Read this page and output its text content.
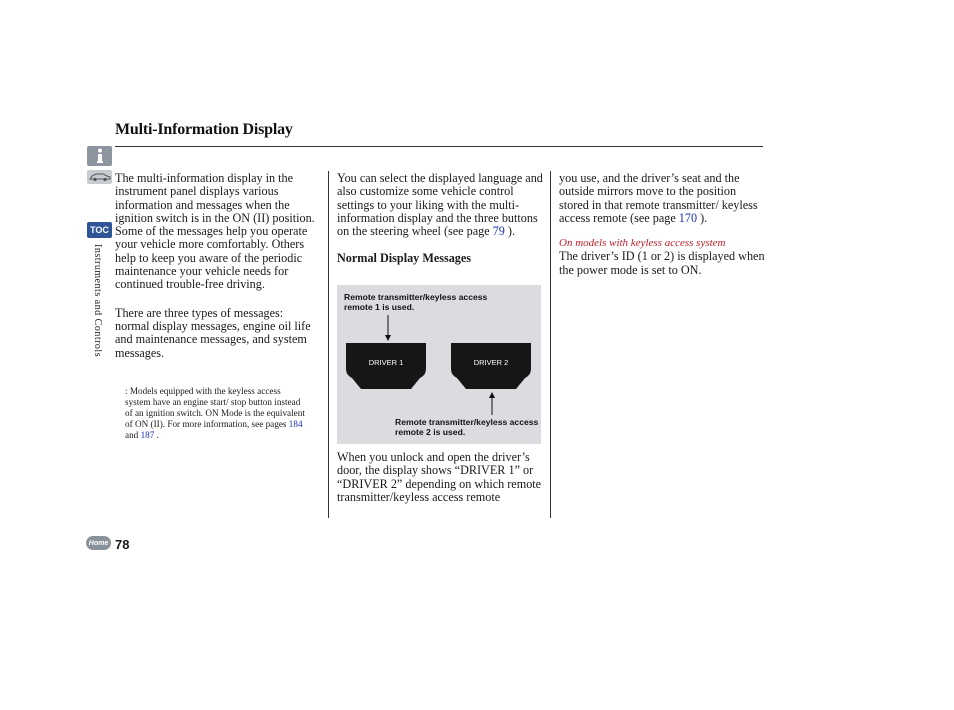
Multi-Information Display
TOC
Instruments and Controls

The multi-information display in the instrument panel displays various information and messages when the ignition switch is in the ON (II) position. Some of the messages help you operate your vehicle more comfortably. Others help to keep you aware of the periodic maintenance your vehicle needs for continued trouble-free driving.

There are three types of messages: normal display messages, engine oil life and maintenance messages, and system messages.

: Models equipped with the keyless access system have an engine start/ stop button instead of an ignition switch. ON Mode is the equivalent of ON (II). For more information, see pages 184 and 187 .

You can select the displayed language and also customize some vehicle control settings to your liking with the multi-information display and the three buttons on the steering wheel (see page 79 ).

Normal Display Messages

Remote transmitter/keyless access remote 1 is used.
DRIVER 1	DRIVER 2
Remote transmitter/keyless access remote 2 is used.
When you unlock and open the driver’s door, the display shows “DRIVER 1” or “DRIVER 2” depending on which remote transmitter/keyless access remote

you use, and the driver’s seat and the outside mirrors move to the position stored in that remote transmitter/ keyless access remote (see page 170 ).

On models with keyless access system

The driver’s ID (1 or 2) is displayed when the power mode is set to ON.

Home 78
